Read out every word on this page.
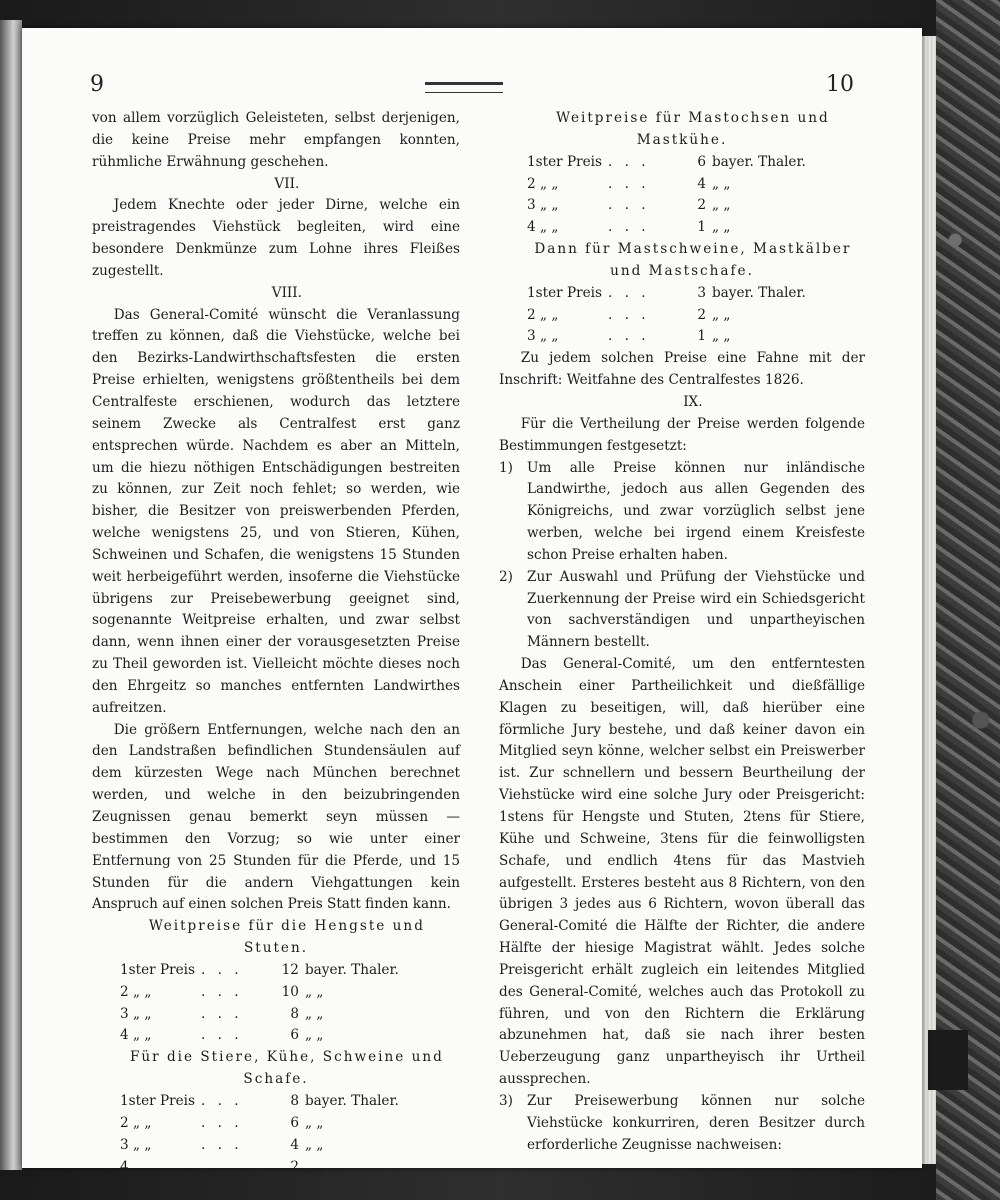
9	10

von allem vorzüglich Geleisteten, selbst derjenigen, die keine Preise mehr empfangen konnten, rühmliche Erwähnung geschehen.

VII.

Jedem Knechte oder jeder Dirne, welche ein preistragendes Viehstück begleiten, wird eine besondere Denkmünze zum Lohne ihres Fleißes zugestellt.

VIII.

Das General-Comité wünscht die Veranlassung treffen zu können, daß die Viehstücke, welche bei den Bezirks-Landwirthschaftsfesten die ersten Preise erhielten, wenigstens größtentheils bei dem Centralfeste erschienen, wodurch das letztere seinem Zwecke als Centralfest erst ganz entsprechen würde. Nachdem es aber an Mitteln, um die hiezu nöthigen Entschädigungen bestreiten zu können, zur Zeit noch fehlet; so werden, wie bisher, die Besitzer von preiswerbenden Pferden, welche wenigstens 25, und von Stieren, Kühen, Schweinen und Schafen, die wenigstens 15 Stunden weit herbeigeführt werden, insoferne die Viehstücke übrigens zur Preisebewerbung geeignet sind, sogenannte Weitpreise erhalten, und zwar selbst dann, wenn ihnen einer der vorausgesetzten Preise zu Theil geworden ist. Vielleicht möchte dieses noch den Ehrgeitz so manches entfernten Landwirthes aufreitzen.

Die größern Entfernungen, welche nach den an den Landstraßen befindlichen Stundensäulen auf dem kürzesten Wege nach München berechnet werden, und welche in den beizubringenden Zeugnissen genau bemerkt seyn müssen — bestimmen den Vorzug; so wie unter einer Entfernung von 25 Stunden für die Pferde, und 15 Stunden für die andern Viehgattungen kein Anspruch auf einen solchen Preis Statt finden kann.

Weitpreise für die Hengste und Stuten.

1ster Preis	. . .	12	bayer. Thaler.
2 „ „	. . .	10	„ „
3 „ „	. . .	8	„ „
4 „ „	. . .	6	„ „

Für die Stiere, Kühe, Schweine und Schafe.

1ster Preis	. . .	8	bayer. Thaler.
2 „ „	. . .	6	„ „
3 „ „	. . .	4	„ „
4 „ „	. . .	2	„ „

Weitpreise für Mastochsen und Mastkühe.

1ster Preis	. . .	6	bayer. Thaler.
2 „ „	. . .	4	„ „
3 „ „	. . .	2	„ „
4 „ „	. . .	1	„ „

Dann für Mastschweine, Mastkälber und Mastschafe.

1ster Preis	. . .	3	bayer. Thaler.
2 „ „	. . .	2	„ „
3 „ „	. . .	1	„ „

Zu jedem solchen Preise eine Fahne mit der Inschrift: Weitfahne des Centralfestes 1826.

IX.

Für die Vertheilung der Preise werden folgende Bestimmungen festgesetzt:

1)	Um alle Preise können nur inländische Landwirthe, jedoch aus allen Gegenden des Königreichs, und zwar vorzüglich selbst jene werben, welche bei irgend einem Kreisfeste schon Preise erhalten haben.
2)	Zur Auswahl und Prüfung der Viehstücke und Zuerkennung der Preise wird ein Schiedsgericht von sachverständigen und unpartheyischen Männern bestellt.

Das General-Comité, um den entferntesten Anschein einer Partheilichkeit und dießfällige Klagen zu beseitigen, will, daß hierüber eine förmliche Jury bestehe, und daß keiner davon ein Mitglied seyn könne, welcher selbst ein Preiswerber ist. Zur schnellern und bessern Beurtheilung der Viehstücke wird eine solche Jury oder Preisgericht: 1stens für Hengste und Stuten, 2tens für Stiere, Kühe und Schweine, 3tens für die feinwolligsten Schafe, und endlich 4tens für das Mastvieh aufgestellt. Ersteres besteht aus 8 Richtern, von den übrigen 3 jedes aus 6 Richtern, wovon überall das General-Comité die Hälfte der Richter, die andere Hälfte der hiesige Magistrat wählt. Jedes solche Preisgericht erhält zugleich ein leitendes Mitglied des General-Comité, welches auch das Protokoll zu führen, und von den Richtern die Erklärung abzunehmen hat, daß sie nach ihrer besten Ueberzeugung ganz unpartheyisch ihr Urtheil aussprechen.

3)	Zur Preisewerbung können nur solche Viehstücke konkurriren, deren Besitzer durch erforderliche Zeugnisse nachweisen:
